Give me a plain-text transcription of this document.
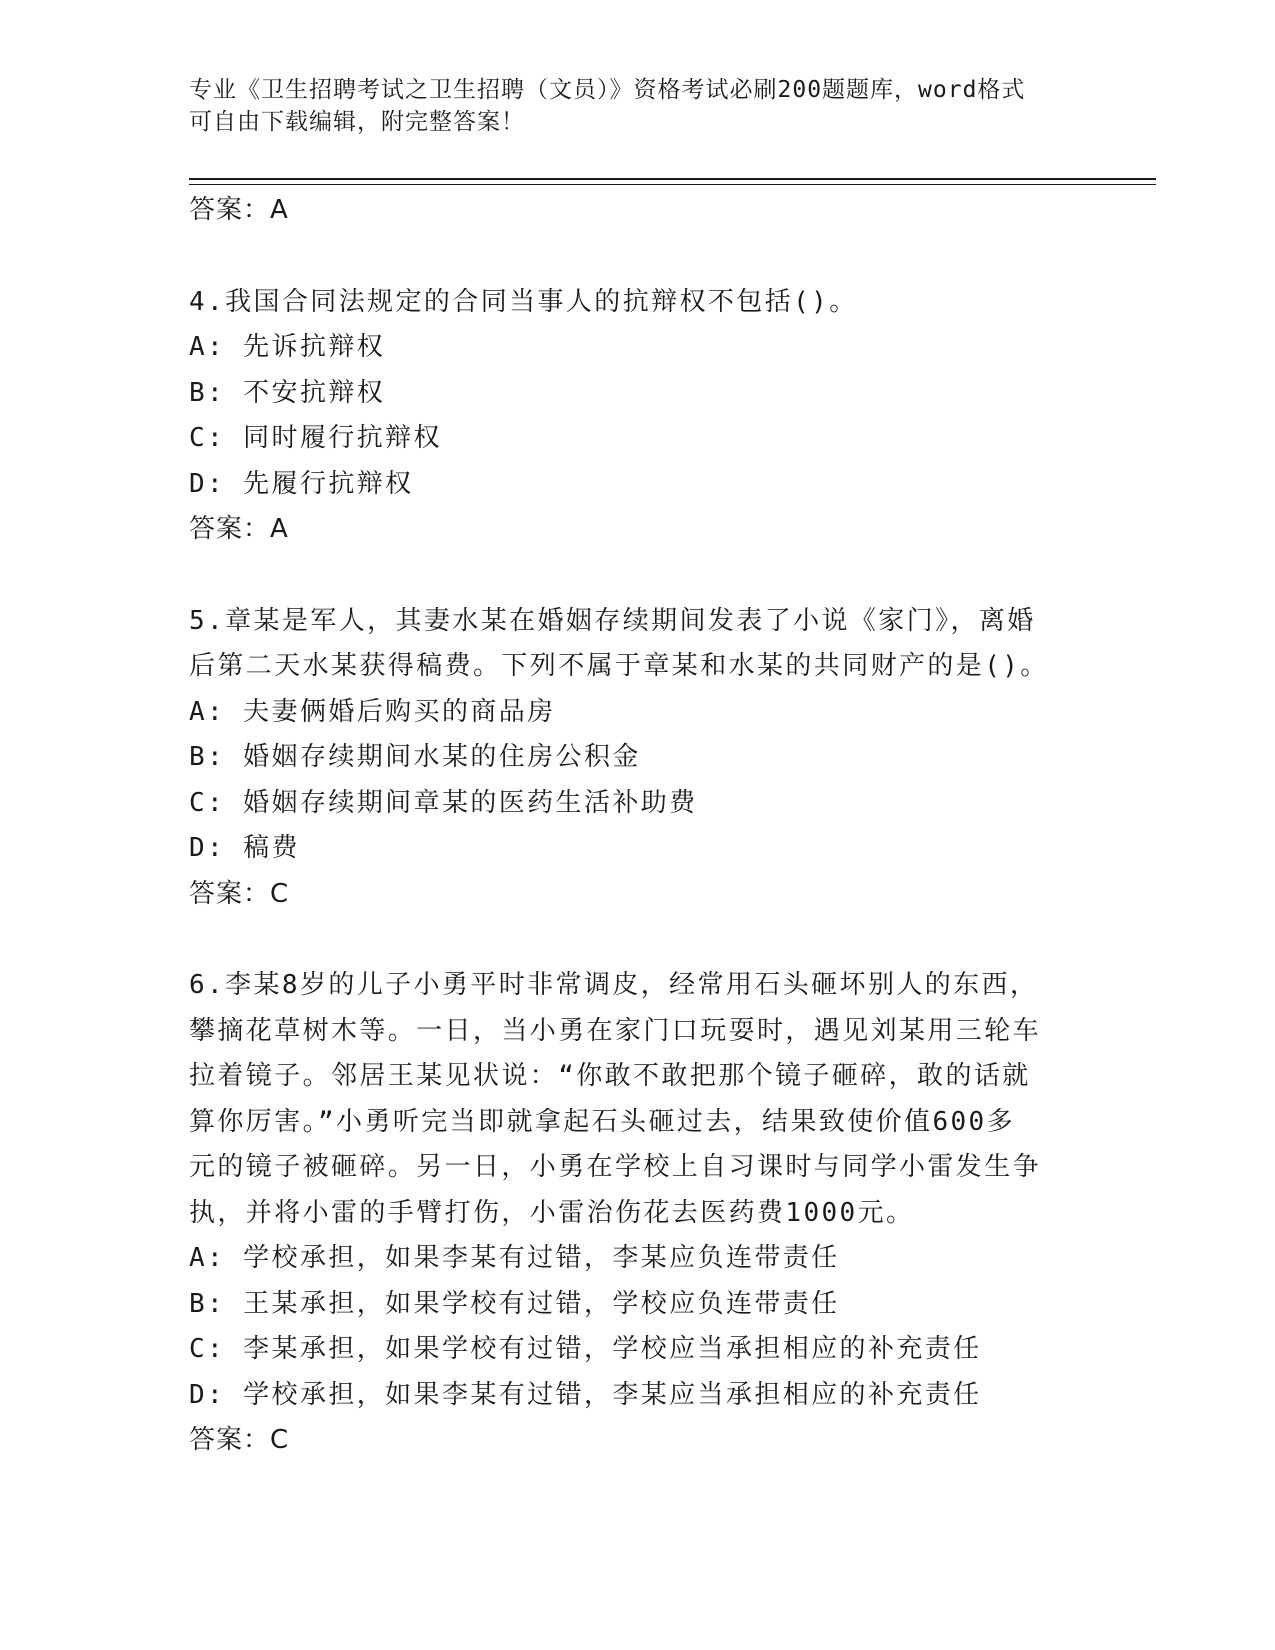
专业《卫生招聘考试之卫生招聘（文员）》资格考试必刷200题题库，word格式
可自由下载编辑，附完整答案！
答案：A
4.我国合同法规定的合同当事人的抗辩权不包括()。
A: 先诉抗辩权
B: 不安抗辩权
C: 同时履行抗辩权
D: 先履行抗辩权
答案：A
5.章某是军人，其妻水某在婚姻存续期间发表了小说《家门》，离婚
后第二天水某获得稿费。下列不属于章某和水某的共同财产的是()。
A: 夫妻俩婚后购买的商品房
B: 婚姻存续期间水某的住房公积金
C: 婚姻存续期间章某的医药生活补助费
D: 稿费
答案：C
6.李某8岁的儿子小勇平时非常调皮，经常用石头砸坏别人的东西，
攀摘花草树木等。一日，当小勇在家门口玩耍时，遇见刘某用三轮车
拉着镜子。邻居王某见状说：“你敢不敢把那个镜子砸碎，敢的话就
算你厉害。”小勇听完当即就拿起石头砸过去，结果致使价值600多
元的镜子被砸碎。另一日，小勇在学校上自习课时与同学小雷发生争
执，并将小雷的手臂打伤，小雷治伤花去医药费1000元。
A: 学校承担，如果李某有过错，李某应负连带责任
B: 王某承担，如果学校有过错，学校应负连带责任
C: 李某承担，如果学校有过错，学校应当承担相应的补充责任
D: 学校承担，如果李某有过错，李某应当承担相应的补充责任
答案：C
